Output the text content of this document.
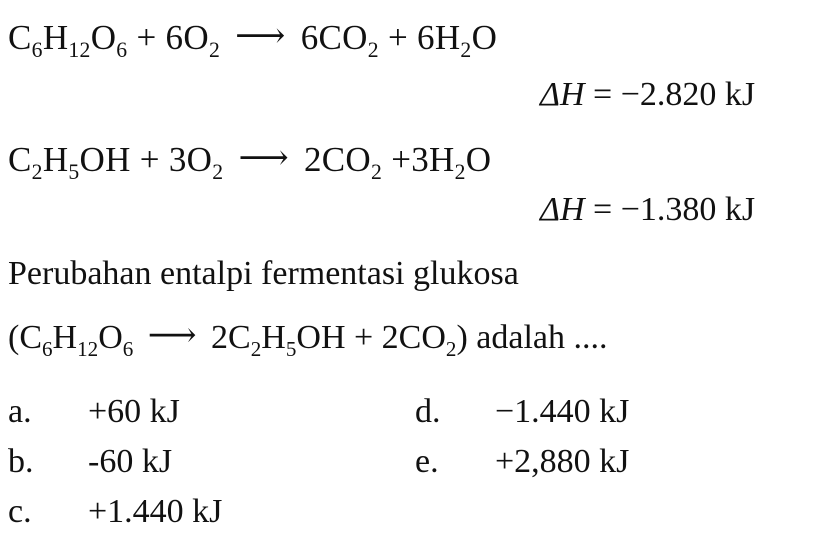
$C_6H_{12}O_6 + 6O_2$ ⟶ $6CO_2 + 6H_2O$
ΔH = −2.820 kJ
$C_2H_5OH + 3O_2$ ⟶ $2CO_2 +3H_2O$
ΔH = −1.380 kJ
Perubahan entalpi fermentasi glukosa
($C_6H_{12}O_6$ ⟶ $2C_2H_5OH + 2CO_2$) adalah ....
a. +60 kJ
b. -60 kJ
c. +1.440 kJ
d. −1.440 kJ
e. +2,880 kJ
